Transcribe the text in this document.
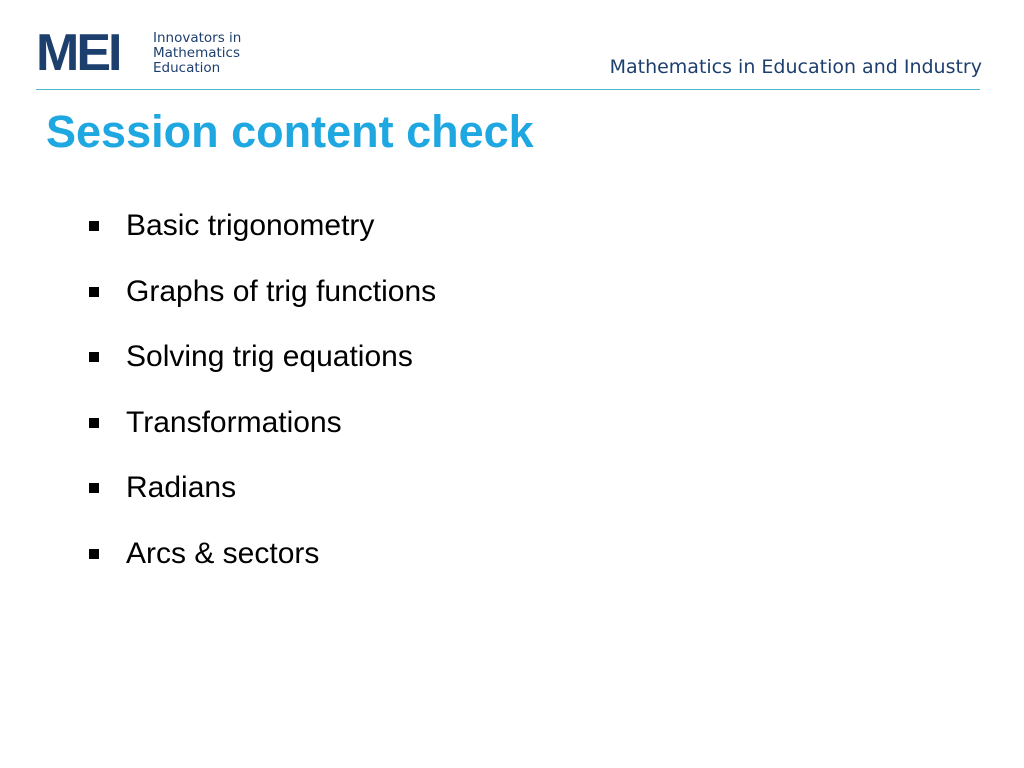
MEI Innovators in
Mathematics
Education	Mathematics in Education and Industry
Session content check
Basic trigonometry
Graphs of trig functions
Solving trig equations
Transformations
Radians
Arcs & sectors
